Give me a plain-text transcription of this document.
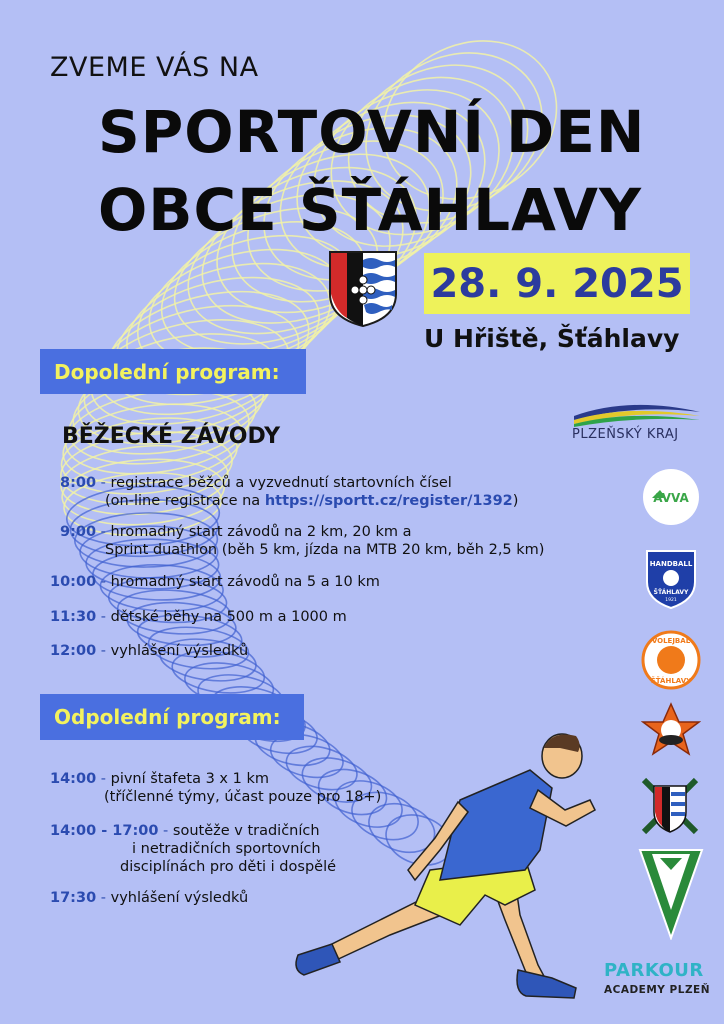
ZVEME VÁS NA
SPORTOVNÍ DEN
OBCE ŠŤÁHLAVY
28. 9. 2025
U Hřiště, Šťáhlavy
Dopolední program:
BĚŽECKÉ ZÁVODY
8:00 - registrace běžců a vyzvednutí startovních čísel
(on-line registrace na https://sportt.cz/register/1392)
9:00 - hromadný start závodů na 2 km, 20 km a
Sprint duathlon (běh 5 km, jízda na MTB 20 km, běh 2,5 km)
10:00 - hromadný start závodů na 5 a 10 km
11:30 - dětské běhy na 500 m a 1000 m
12:00 - vyhlášení výsledků
Odpolední program:
14:00 - pivní štafeta 3 x 1 km
(tříčlenné týmy, účast pouze pro 18+)
14:00 - 17:00 - soutěže v tradičních
i netradičních sportovních
disciplínách pro děti i dospělé
17:30 - vyhlášení výsledků
PLZEŇSKÝ KRAJ
AVVA
HANDBALL
ŠŤÁHLAVY
1921
VOLEJBAL
ŠŤÁHLAVY
PARKOUR
ACADEMY PLZEŇ
